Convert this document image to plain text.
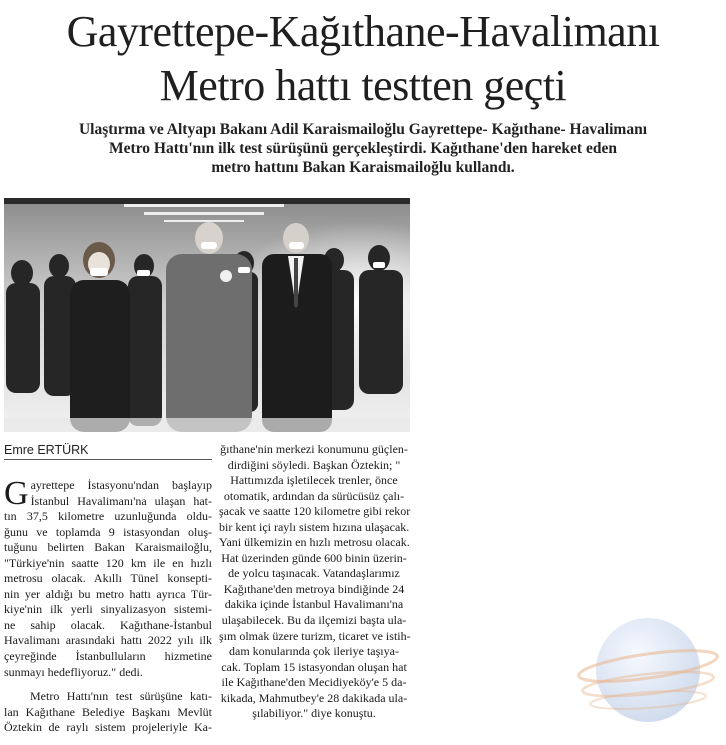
Gayrettepe-Kağıthane-Havalimanı
Metro hattı testten geçti
Ulaştırma ve Altyapı Bakanı Adil Karaismailoğlu Gayrettepe- Kağıthane- Havalimanı
Metro Hattı'nın ilk test sürüşünü gerçekleştirdi. Kağıthane'den hareket eden
metro hattını Bakan Karaismailoğlu kullandı.
Emre ERTÜRK
G ayrettepe İstasyonu'ndan başlayıp
İstanbul Havalimanı'na ulaşan hat-
tın 37,5 kilometre uzunluğunda oldu-
ğunu ve toplamda 9 istasyondan oluş-
tuğunu belirten Bakan Karaismailoğlu,
"Türkiye'nin saatte 120 km ile en hızlı
metrosu olacak. Akıllı Tünel konsepti-
nin yer aldığı bu metro hattı ayrıca Tür-
kiye'nin ilk yerli sinyalizasyon sistemi-
ne sahip olacak. Kağıthane-İstanbul
Havalimanı arasındaki hattı 2022 yılı ilk
çeyreğinde İstanbulluların hizmetine
sunmayı hedefliyoruz." dedi.
Metro Hattı'nın test sürüşüne katı-
lan Kağıthane Belediye Başkanı Mevlüt
Öztekin de raylı sistem projeleriyle Ka-
ğıthane'nin merkezi konumunu güçlen-
dirdiğini söyledi. Başkan Öztekin; "
Hattımızda işletilecek trenler, önce
otomatik, ardından da sürücüsüz çalı-
şacak ve saatte 120 kilometre gibi rekor
bir kent içi raylı sistem hızına ulaşacak.
Yani ülkemizin en hızlı metrosu olacak.
Hat üzerinden günde 600 binin üzerin-
de yolcu taşınacak. Vatandaşlarımız
Kağıthane'den metroya bindiğinde 24
dakika içinde İstanbul Havalimanı'na
ulaşabilecek. Bu da ilçemizi başta ula-
şım olmak üzere turizm, ticaret ve istih-
dam konularında çok ileriye taşıya-
cak. Toplam 15 istasyondan oluşan hat
ile Kağıthane'den Mecidiyeköy'e 5 da-
kikada, Mahmutbey'e 28 dakikada ula-
şılabiliyor." diye konuştu.
